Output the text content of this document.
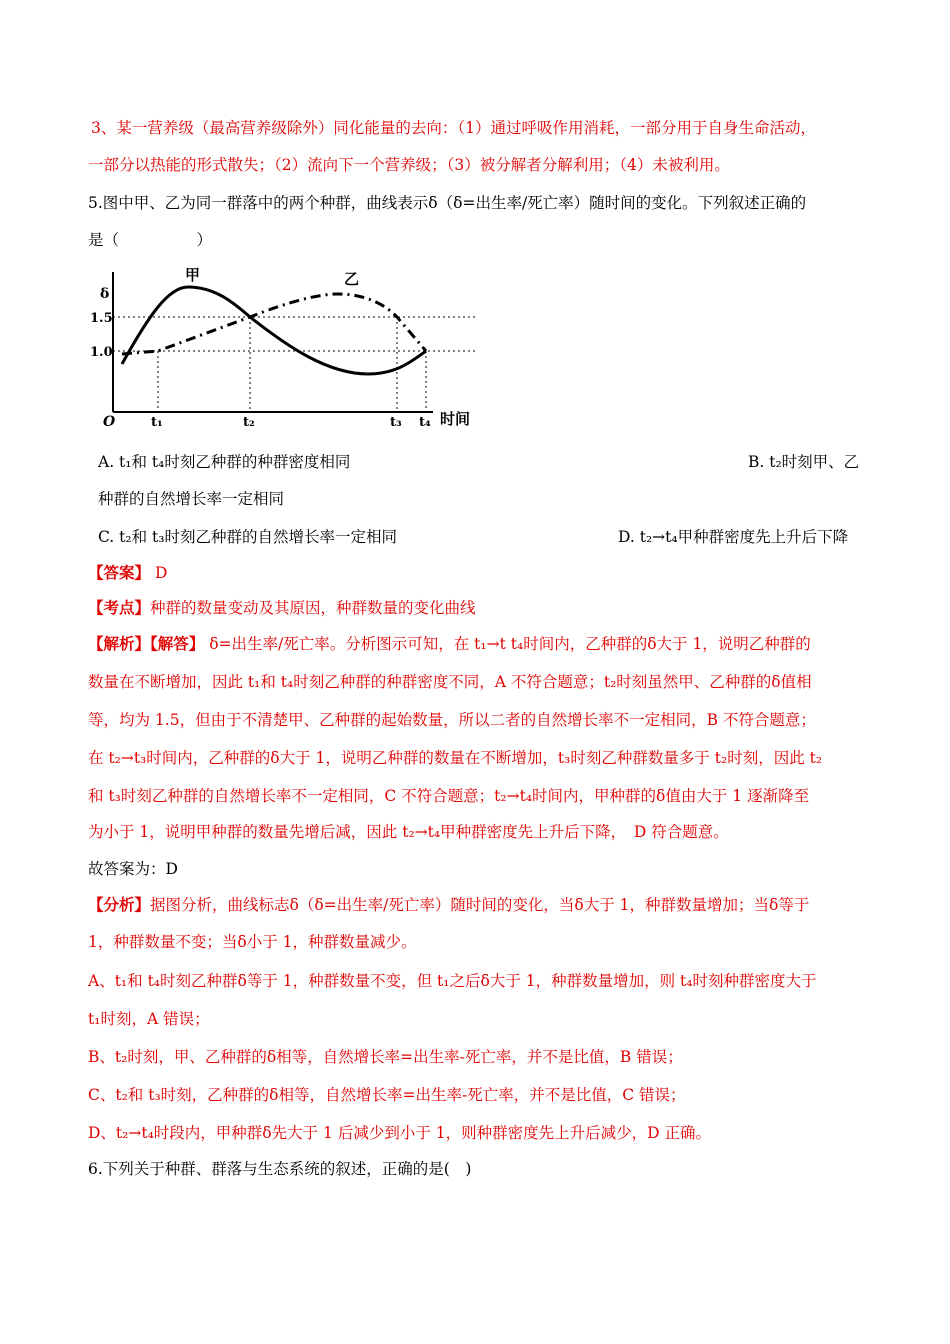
3、某一营养级（最高营养级除外）同化能量的去向：（1）通过呼吸作用消耗，一部分用于自身生命活动，
一部分以热能的形式散失；（2）流向下一个营养级；（3）被分解者分解利用；（4）未被利用。
5.图中甲、乙为同一群落中的两个种群，曲线表示δ（δ=出生率/死亡率）随时间的变化。下列叙述正确的
是（　　　　　）
甲	乙
δ
1.5
1.0
O	t₁	t₂	t₃ t₄ 时间
A. t₁和 t₄时刻乙种群的种群密度相同	B. t₂时刻甲、乙
种群的自然增长率一定相同
C. t₂和 t₃时刻乙种群的自然增长率一定相同	D. t₂→t₄甲种群密度先上升后下降
【答案】 D
【考点】种群的数量变动及其原因，种群数量的变化曲线
【解析】【解答】 δ=出生率/死亡率。分析图示可知，在 t₁→t t₄时间内，乙种群的δ大于 1，说明乙种群的
数量在不断增加，因此 t₁和 t₄时刻乙种群的种群密度不同，A 不符合题意；t₂时刻虽然甲、乙种群的δ值相
等，均为 1.5，但由于不清楚甲、乙种群的起始数量，所以二者的自然增长率不一定相同，B 不符合题意；
在 t₂→t₃时间内，乙种群的δ大于 1，说明乙种群的数量在不断增加，t₃时刻乙种群数量多于 t₂时刻，因此 t₂
和 t₃时刻乙种群的自然增长率不一定相同，C 不符合题意；t₂→t₄时间内，甲种群的δ值由大于 1 逐渐降至
为小于 1，说明甲种群的数量先增后减，因此 t₂→t₄甲种群密度先上升后下降，　D 符合题意。
故答案为：D
【分析】据图分析，曲线标志δ（δ=出生率/死亡率）随时间的变化，当δ大于 1，种群数量增加；当δ等于
1，种群数量不变；当δ小于 1，种群数量减少。
A、t₁和 t₄时刻乙种群δ等于 1，种群数量不变，但 t₁之后δ大于 1，种群数量增加，则 t₄时刻种群密度大于
t₁时刻，A 错误；
B、t₂时刻，甲、乙种群的δ相等，自然增长率=出生率-死亡率，并不是比值，B 错误；
C、t₂和 t₃时刻，乙种群的δ相等，自然增长率=出生率-死亡率，并不是比值，C 错误；
D、t₂→t₄时段内，甲种群δ先大于 1 后减少到小于 1，则种群密度先上升后减少，D 正确。
6.下列关于种群、群落与生态系统的叙述，正确的是(　)
